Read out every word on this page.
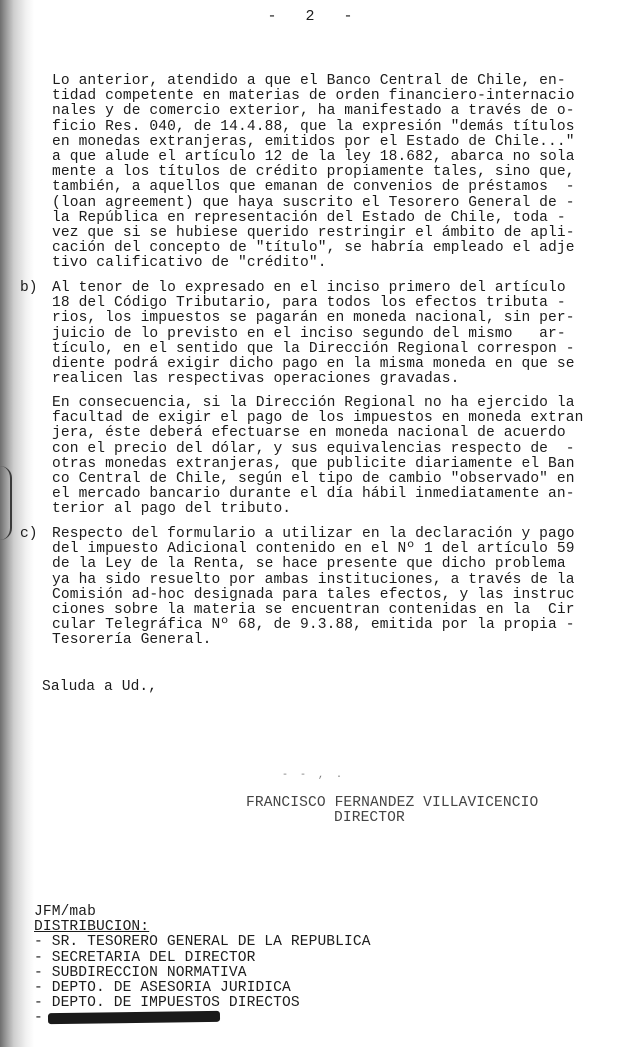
- 2 -
Lo anterior, atendido a que el Banco Central de Chile, en-
tidad competente en materias de orden financiero-internacio
nales y de comercio exterior, ha manifestado a través de o-
ficio Res. 040, de 14.4.88, que la expresión "demás títulos
en monedas extranjeras, emitidos por el Estado de Chile..."
a que alude el artículo 12 de la ley 18.682, abarca no sola
mente a los títulos de crédito propiamente tales, sino que,
también, a aquellos que emanan de convenios de préstamos  -
(loan agreement) que haya suscrito el Tesorero General de -
la República en representación del Estado de Chile, toda -
vez que si se hubiese querido restringir el ámbito de apli-
cación del concepto de "título", se habría empleado el adje
tivo calificativo de "crédito".
b) Al tenor de lo expresado en el inciso primero del artículo
18 del Código Tributario, para todos los efectos tributa -
rios, los impuestos se pagarán en moneda nacional, sin per-
juicio de lo previsto en el inciso segundo del mismo   ar-
tículo, en el sentido que la Dirección Regional correspon -
diente podrá exigir dicho pago en la misma moneda en que se
realicen las respectivas operaciones gravadas.
En consecuencia, si la Dirección Regional no ha ejercido la
facultad de exigir el pago de los impuestos en moneda extran
jera, éste deberá efectuarse en moneda nacional de acuerdo
con el precio del dólar, y sus equivalencias respecto de  -
otras monedas extranjeras, que publicite diariamente el Ban
co Central de Chile, según el tipo de cambio "observado" en
el mercado bancario durante el día hábil inmediatamente an-
terior al pago del tributo.
c) Respecto del formulario a utilizar en la declaración y pago
del impuesto Adicional contenido en el Nº 1 del artículo 59
de la Ley de la Renta, se hace presente que dicho problema
ya ha sido resuelto por ambas instituciones, a través de la
Comisión ad-hoc designada para tales efectos, y las instruc
ciones sobre la materia se encuentran contenidas en la  Cir
cular Telegráfica Nº 68, de 9.3.88, emitida por la propia -
Tesorería General.
Saluda a Ud.,
- - , .
FRANCISCO FERNANDEZ VILLAVICENCIO
DIRECTOR
JFM/mab
DISTRIBUCION:
- SR. TESORERO GENERAL DE LA REPUBLICA
- SECRETARIA DEL DIRECTOR
- SUBDIRECCION NORMATIVA
- DEPTO. DE ASESORIA JURIDICA
- DEPTO. DE IMPUESTOS DIRECTOS
-
